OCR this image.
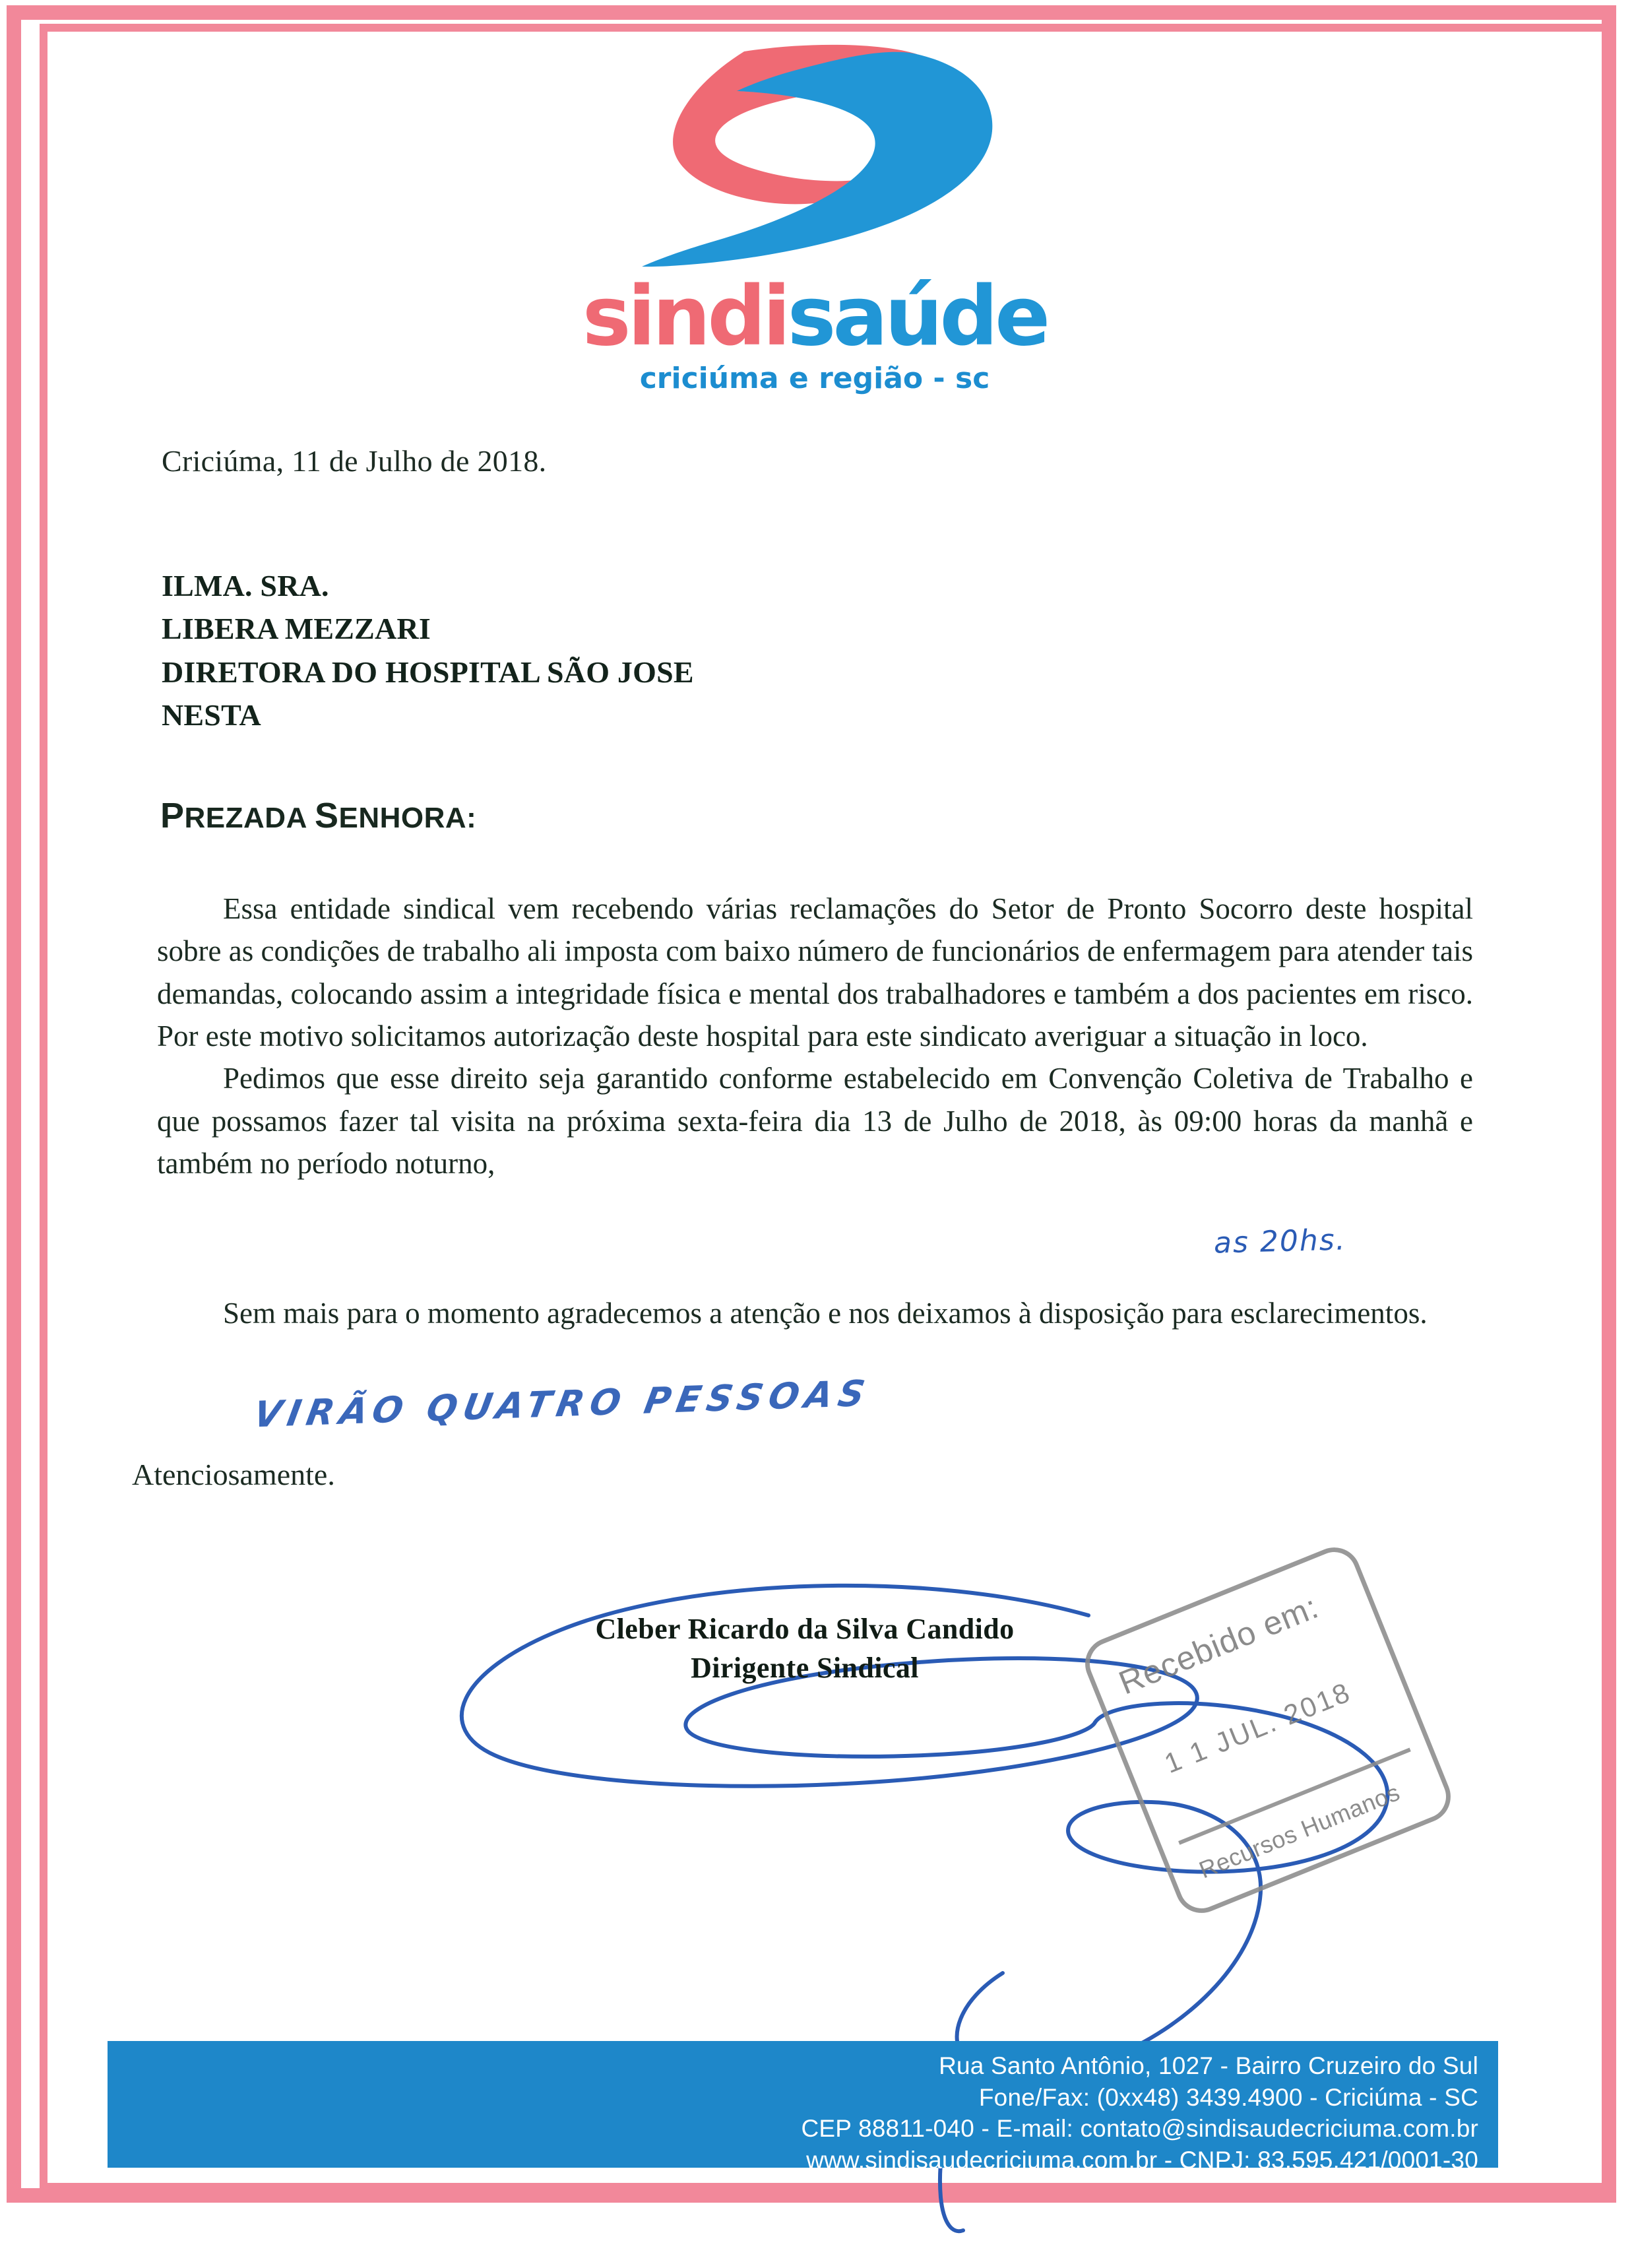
sindisaúde
criciúma e região - sc
Criciúma, 11 de Julho de 2018.
ILMA. SRA.
LIBERA MEZZARI
DIRETORA DO HOSPITAL SÃO JOSE
NESTA
PREZADA SENHORA:

Essa entidade sindical vem recebendo várias reclamações do Setor de Pronto Socorro deste hospital sobre as condições de trabalho ali imposta com baixo número de funcionários de enfermagem para atender tais demandas, colocando assim a integridade física e mental dos trabalhadores e também a dos pacientes em risco. Por este motivo solicitamos autorização deste hospital para este sindicato averiguar a situação in loco.

Pedimos que esse direito seja garantido conforme estabelecido em Convenção Coletiva de Trabalho e que possamos fazer tal visita na próxima sexta-feira dia 13 de Julho de 2018, às 09:00 horas da manhã e também no período noturno,

Sem mais para o momento agradecemos a atenção e nos deixamos à disposição para esclarecimentos.

Atenciosamente.
as 20hs.
VIRÃO QUATRO PESSOAS
Cleber Ricardo da Silva Candido
Dirigente Sindical	Recebido em:
1 1 JUL. 2018
Recursos Humanos
Rua Santo Antônio, 1027 - Bairro Cruzeiro do Sul
Fone/Fax: (0xx48) 3439.4900 - Criciúma - SC
CEP 88811-040 - E-mail: contato@sindisaudecriciuma.com.br
www.sindisaudecriciuma.com.br - CNPJ: 83.595.421/0001-30
